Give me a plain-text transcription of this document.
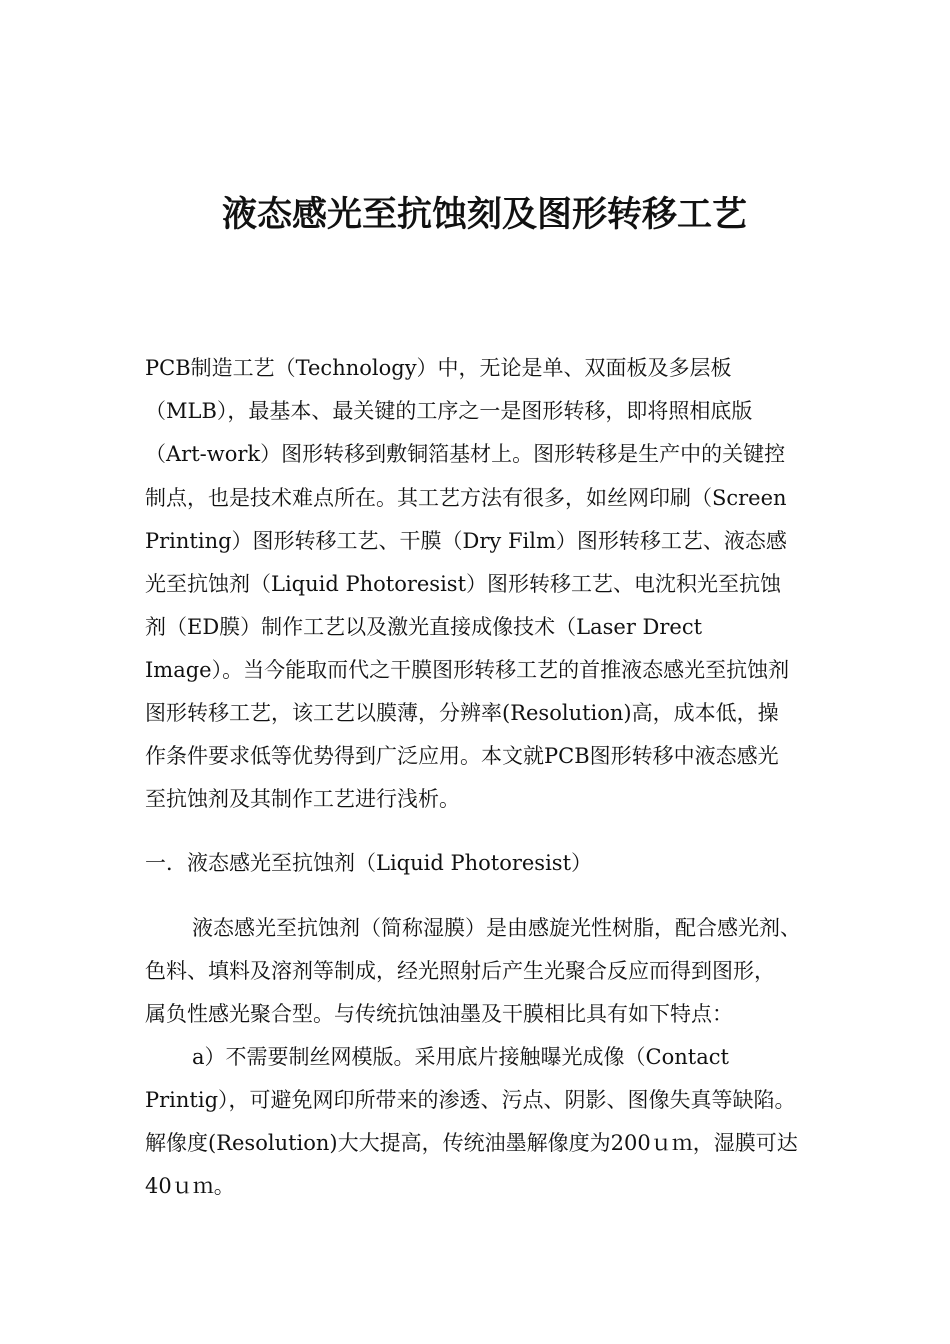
液态感光至抗蚀刻及图形转移工艺
PCB制造工艺（Technology）中，无论是单、双面板及多层板
（MLB），最基本、最关键的工序之一是图形转移，即将照相底版
（Art-work）图形转移到敷铜箔基材上。图形转移是生产中的关键控
制点，也是技术难点所在。其工艺方法有很多，如丝网印刷（Screen
Printing）图形转移工艺、干膜（Dry Film）图形转移工艺、液态感
光至抗蚀剂（Liquid Photoresist）图形转移工艺、电沈积光至抗蚀
剂（ED膜）制作工艺以及激光直接成像技术（Laser Drect
Image）。当今能取而代之干膜图形转移工艺的首推液态感光至抗蚀剂
图形转移工艺，该工艺以膜薄，分辨率(Resolution)高，成本低，操
作条件要求低等优势得到广泛应用。本文就PCB图形转移中液态感光
至抗蚀剂及其制作工艺进行浅析。
一．液态感光至抗蚀剂（Liquid Photoresist）
液态感光至抗蚀剂（简称湿膜）是由感旋光性树脂，配合感光剂、
色料、填料及溶剂等制成，经光照射后产生光聚合反应而得到图形，
属负性感光聚合型。与传统抗蚀油墨及干膜相比具有如下特点：
a）不需要制丝网模版。采用底片接触曝光成像（Contact
Printig），可避免网印所带来的渗透、污点、阴影、图像失真等缺陷。
解像度(Resolution)大大提高，传统油墨解像度为200ｕｍ，湿膜可达
40ｕｍ。
